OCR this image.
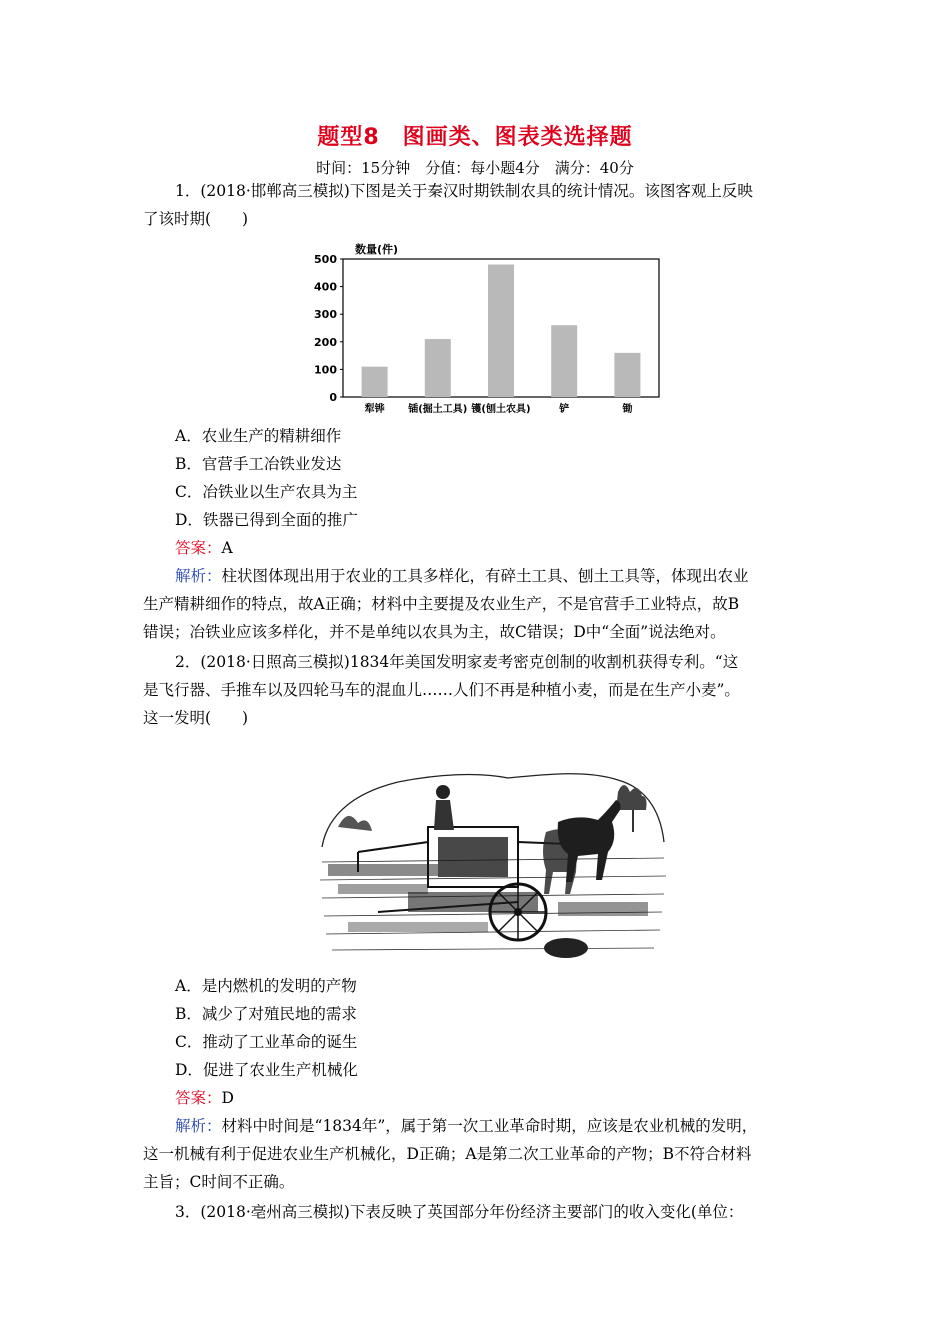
题型8　图画类、图表类选择题
时间：15分钟　分值：每小题4分　满分：40分
1．(2018·邯郸高三模拟)下图是关于秦汉时期铁制农具的统计情况。该图客观上反映
了该时期(　　)
数量(件)
500
400
300
200
100
0
犁铧 锸(掘土工具) 镬(刨土农具)	铲	锄
A．农业生产的精耕细作
B．官营手工冶铁业发达
C．冶铁业以生产农具为主
D．铁器已得到全面的推广
答案：A
解析：柱状图体现出用于农业的工具多样化，有碎土工具、刨土工具等，体现出农业
生产精耕细作的特点，故A正确；材料中主要提及农业生产，不是官营手工业特点，故B
错误；冶铁业应该多样化，并不是单纯以农具为主，故C错误；D中“全面”说法绝对。
2．(2018·日照高三模拟)1834年美国发明家麦考密克创制的收割机获得专利。“这
是飞行器、手推车以及四轮马车的混血儿……人们不再是种植小麦，而是在生产小麦”。
这一发明(　　)
A．是内燃机的发明的产物
B．减少了对殖民地的需求
C．推动了工业革命的诞生
D．促进了农业生产机械化
答案：D
解析：材料中时间是“1834年”，属于第一次工业革命时期，应该是农业机械的发明，
这一机械有利于促进农业生产机械化，D正确；A是第二次工业革命的产物；B不符合材料
主旨；C时间不正确。
3．(2018·亳州高三模拟)下表反映了英国部分年份经济主要部门的收入变化(单位：
